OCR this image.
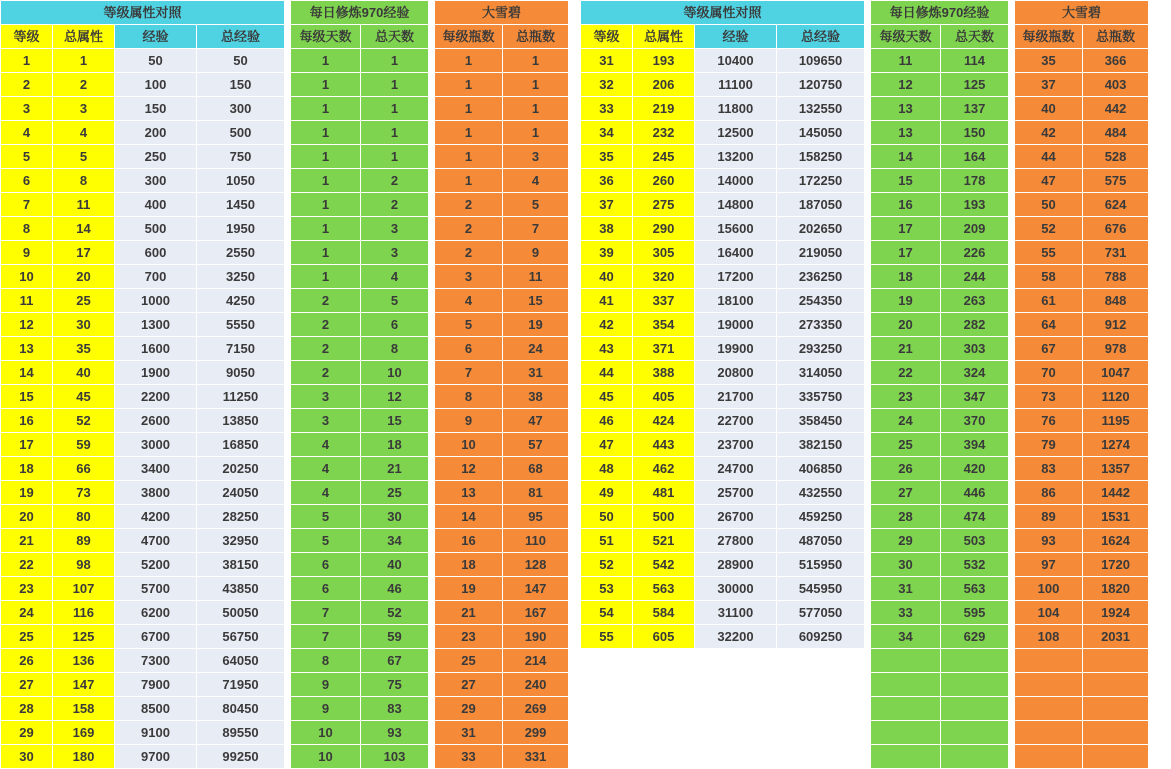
等级属性对照					每日修炼970经验			大雪碧	
等级	总属性	经验	总经验		每级天数	总天数		每级瓶数	总瓶数
1	1	50	50		1	1		1	1
2	2	100	150		1	1		1	1
3	3	150	300		1	1		1	1
4	4	200	500		1	1		1	1
5	5	250	750		1	1		1	3
6	8	300	1050		1	2		1	4
7	11	400	1450		1	2		2	5
8	14	500	1950		1	3		2	7
9	17	600	2550		1	3		2	9
10	20	700	3250		1	4		3	11
11	25	1000	4250		2	5		4	15
12	30	1300	5550		2	6		5	19
13	35	1600	7150		2	8		6	24
14	40	1900	9050		2	10		7	31
15	45	2200	11250		3	12		8	38
16	52	2600	13850		3	15		9	47
17	59	3000	16850		4	18		10	57
18	66	3400	20250		4	21		12	68
19	73	3800	24050		4	25		13	81
20	80	4200	28250		5	30		14	95
21	89	4700	32950		5	34		16	110
22	98	5200	38150		6	40		18	128
23	107	5700	43850		6	46		19	147
24	116	6200	50050		7	52		21	167
25	125	6700	56750		7	59		23	190
26	136	7300	64050		8	67		25	214
27	147	7900	71950		9	75		27	240
28	158	8500	80450		9	83		29	269
29	169	9100	89550		10	93		31	299
30	180	9700	99250		10	103		33	331
等级属性对照					每日修炼970经验			大雪碧	
等级	总属性	经验	总经验		每级天数	总天数		每级瓶数	总瓶数
31	193	10400	109650		11	114		35	366
32	206	11100	120750		12	125		37	403
33	219	11800	132550		13	137		40	442
34	232	12500	145050		13	150		42	484
35	245	13200	158250		14	164		44	528
36	260	14000	172250		15	178		47	575
37	275	14800	187050		16	193		50	624
38	290	15600	202650		17	209		52	676
39	305	16400	219050		17	226		55	731
40	320	17200	236250		18	244		58	788
41	337	18100	254350		19	263		61	848
42	354	19000	273350		20	282		64	912
43	371	19900	293250		21	303		67	978
44	388	20800	314050		22	324		70	1047
45	405	21700	335750		23	347		73	1120
46	424	22700	358450		24	370		76	1195
47	443	23700	382150		25	394		79	1274
48	462	24700	406850		26	420		83	1357
49	481	25700	432550		27	446		86	1442
50	500	26700	459250		28	474		89	1531
51	521	27800	487050		29	503		93	1624
52	542	28900	515950		30	532		97	1720
53	563	30000	545950		31	563		100	1820
54	584	31100	577050		33	595		104	1924
55	605	32200	609250		34	629		108	2031
